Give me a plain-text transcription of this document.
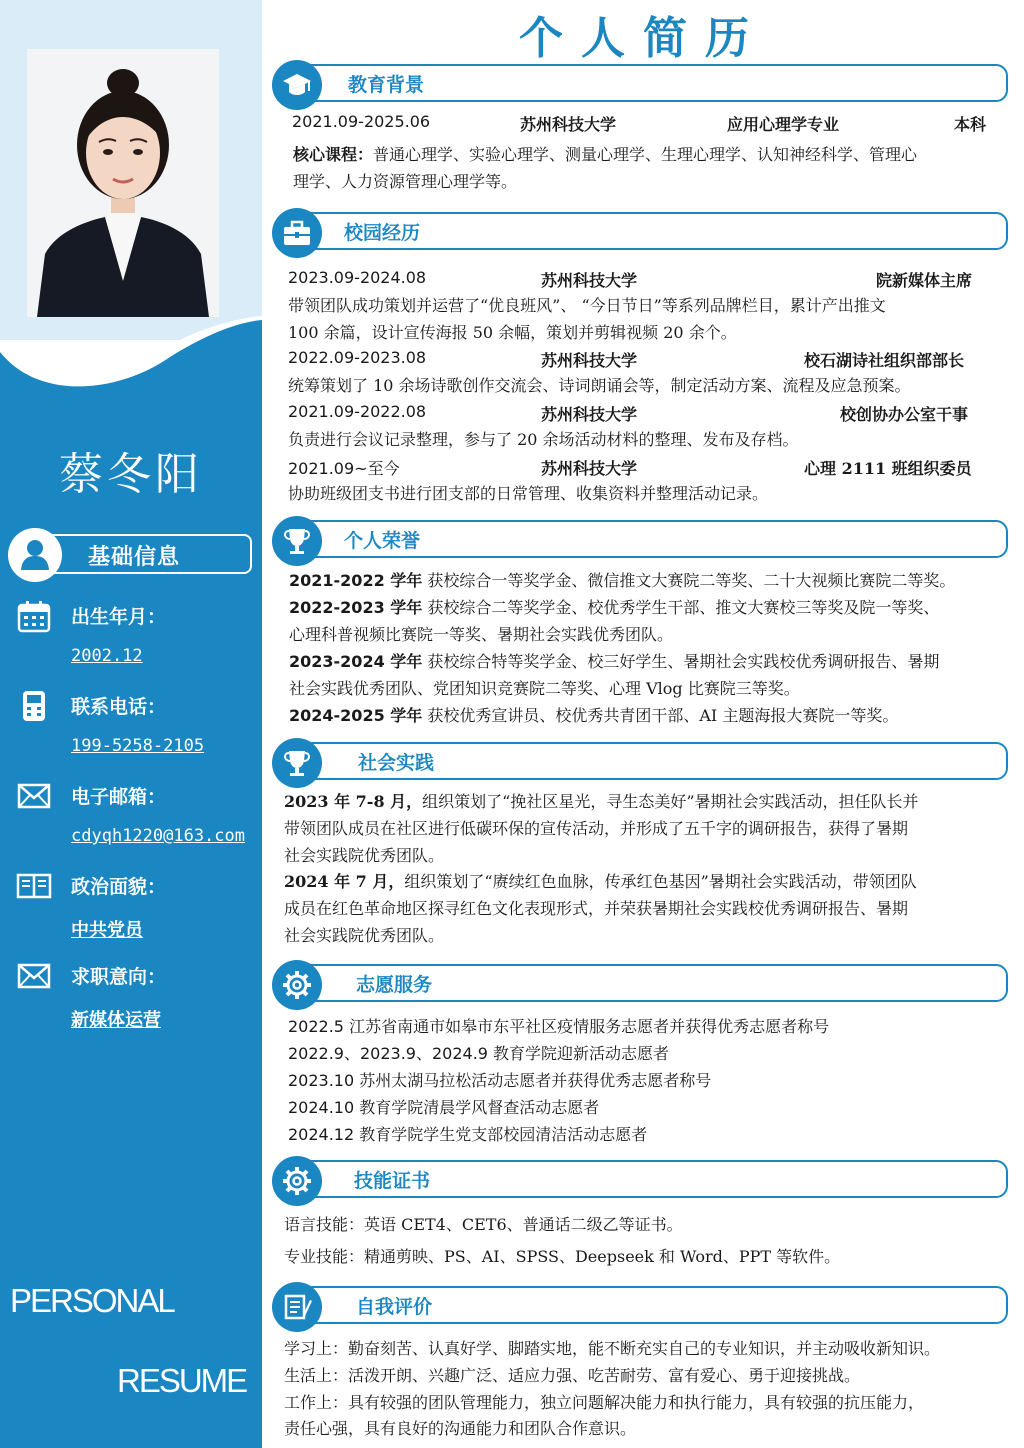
蔡冬阳
基础信息
出生年月：
2002.12
联系电话：
199-5258-2105
电子邮箱：
cdyqh1220@163.com
政治面貌：
中共党员
求职意向：
新媒体运营
PERSONAL
RESUME
个人简历
教育背景
2021.09-2025.06	苏州科技大学	应用心理学专业	本科
核心课程：普通心理学、实验心理学、测量心理学、生理心理学、认知神经科学、管理心
理学、人力资源管理心理学等。
校园经历
2023.09-2024.08	苏州科技大学	院新媒体主席
带领团队成功策划并运营了“优良班风”、 “今日节日”等系列品牌栏目，累计产出推文
100 余篇，设计宣传海报 50 余幅，策划并剪辑视频 20 余个。
2022.09-2023.08	苏州科技大学	校石湖诗社组织部部长
统筹策划了 10 余场诗歌创作交流会、诗词朗诵会等，制定活动方案、流程及应急预案。
2021.09-2022.08	苏州科技大学	校创协办公室干事
负责进行会议记录整理，参与了 20 余场活动材料的整理、发布及存档。
2021.09~至今	苏州科技大学	心理 2111 班组织委员
协助班级团支书进行团支部的日常管理、收集资料并整理活动记录。
个人荣誉
2021-2022 学年 获校综合一等奖学金、微信推文大赛院二等奖、二十大视频比赛院二等奖。
2022-2023 学年 获校综合二等奖学金、校优秀学生干部、推文大赛校三等奖及院一等奖、
心理科普视频比赛院一等奖、暑期社会实践优秀团队。
2023-2024 学年 获校综合特等奖学金、校三好学生、暑期社会实践校优秀调研报告、暑期
社会实践优秀团队、党团知识竞赛院二等奖、心理 Vlog 比赛院三等奖。
2024-2025 学年 获校优秀宣讲员、校优秀共青团干部、AI 主题海报大赛院一等奖。
社会实践
2023 年 7-8 月，组织策划了“挽社区星光，寻生态美好”暑期社会实践活动，担任队长并
带领团队成员在社区进行低碳环保的宣传活动，并形成了五千字的调研报告，获得了暑期
社会实践院优秀团队。
2024 年 7 月，组织策划了“赓续红色血脉，传承红色基因”暑期社会实践活动，带领团队
成员在红色革命地区探寻红色文化表现形式，并荣获暑期社会实践校优秀调研报告、暑期
社会实践院优秀团队。
志愿服务
2022.5 江苏省南通市如皋市东平社区疫情服务志愿者并获得优秀志愿者称号
2022.9、2023.9、2024.9 教育学院迎新活动志愿者
2023.10 苏州太湖马拉松活动志愿者并获得优秀志愿者称号
2024.10 教育学院清晨学风督查活动志愿者
2024.12 教育学院学生党支部校园清洁活动志愿者
技能证书
语言技能：英语 CET4、CET6、普通话二级乙等证书。
专业技能：精通剪映、PS、AI、SPSS、Deepseek 和 Word、PPT 等软件。
自我评价
学习上：勤奋刻苦、认真好学、脚踏实地，能不断充实自己的专业知识，并主动吸收新知识。
生活上：活泼开朗、兴趣广泛、适应力强、吃苦耐劳、富有爱心、勇于迎接挑战。
工作上：具有较强的团队管理能力，独立问题解决能力和执行能力，具有较强的抗压能力，
责任心强，具有良好的沟通能力和团队合作意识。
